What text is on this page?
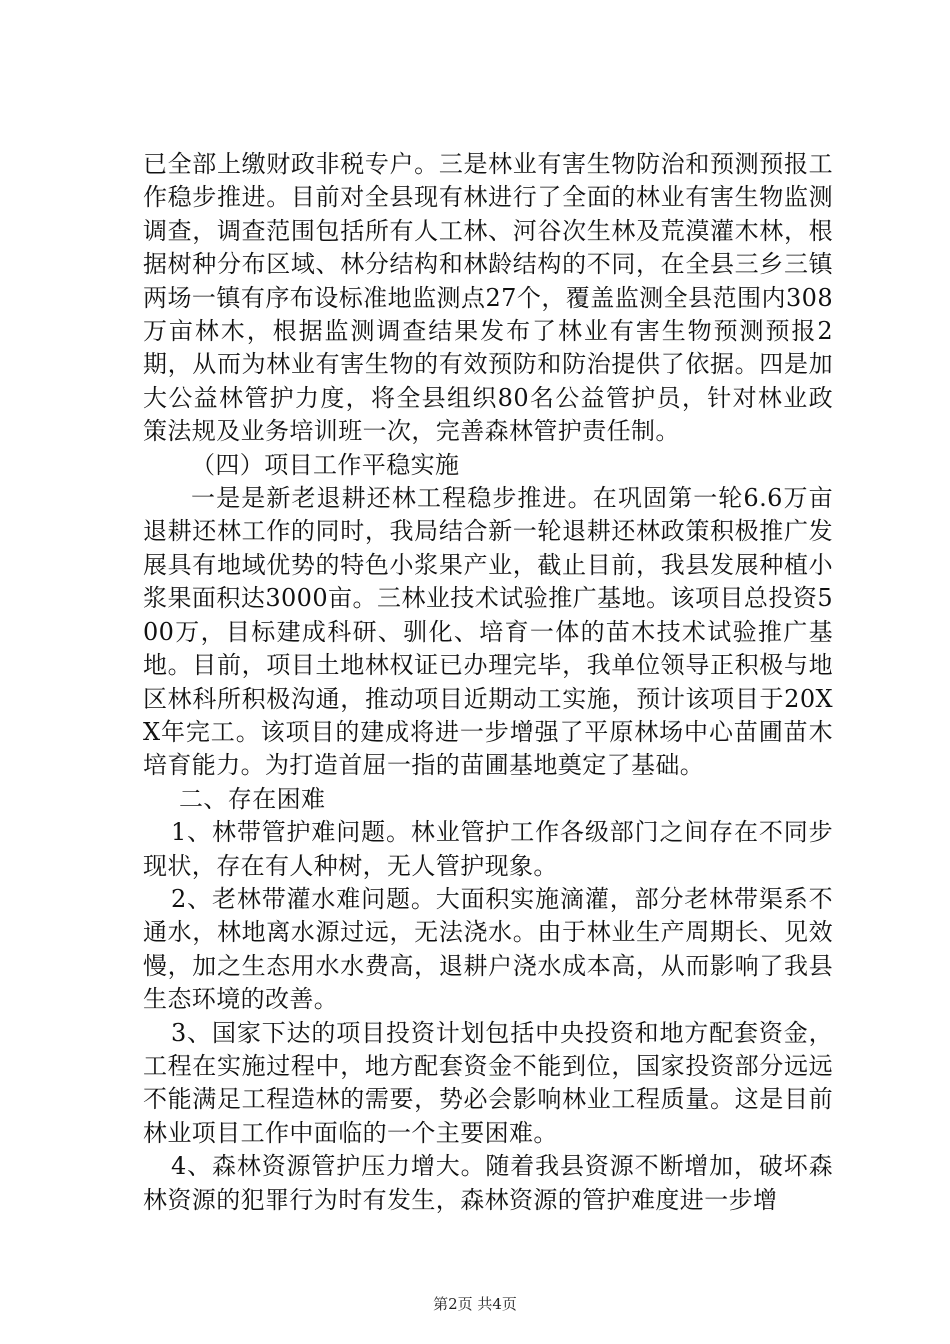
已全部上缴财政非税专户。三是林业有害生物防治和预测预报工作稳步推进。目前对全县现有林进行了全面的林业有害生物监测调查，调查范围包括所有人工林、河谷次生林及荒漠灌木林，根据树种分布区域、林分结构和林龄结构的不同，在全县三乡三镇两场一镇有序布设标准地监测点27个，覆盖监测全县范围内308万亩林木，根据监测调查结果发布了林业有害生物预测预报2期，从而为林业有害生物的有效预防和防治提供了依据。四是加大公益林管护力度，将全县组织80名公益管护员，针对林业政策法规及业务培训班一次，完善森林管护责任制。

（四）项目工作平稳实施

一是是新老退耕还林工程稳步推进。在巩固第一轮6.6万亩退耕还林工作的同时，我局结合新一轮退耕还林政策积极推广发展具有地域优势的特色小浆果产业，截止目前，我县发展种植小浆果面积达3000亩。三林业技术试验推广基地。该项目总投资500万，目标建成科研、驯化、培育一体的苗木技术试验推广基地。目前，项目土地林权证已办理完毕，我单位领导正积极与地区林科所积极沟通，推动项目近期动工实施，预计该项目于20XX年完工。该项目的建成将进一步增强了平原林场中心苗圃苗木培育能力。为打造首屈一指的苗圃基地奠定了基础。

二、存在困难

1、林带管护难问题。林业管护工作各级部门之间存在不同步现状，存在有人种树，无人管护现象。

2、老林带灌水难问题。大面积实施滴灌，部分老林带渠系不通水，林地离水源过远，无法浇水。由于林业生产周期长、见效慢，加之生态用水水费高，退耕户浇水成本高，从而影响了我县生态环境的改善。

3、国家下达的项目投资计划包括中央投资和地方配套资金，工程在实施过程中，地方配套资金不能到位，国家投资部分远远不能满足工程造林的需要，势必会影响林业工程质量。这是目前林业项目工作中面临的一个主要困难。

4、森林资源管护压力增大。随着我县资源不断增加，破坏森林资源的犯罪行为时有发生，森林资源的管护难度进一步增

第2页 共4页
